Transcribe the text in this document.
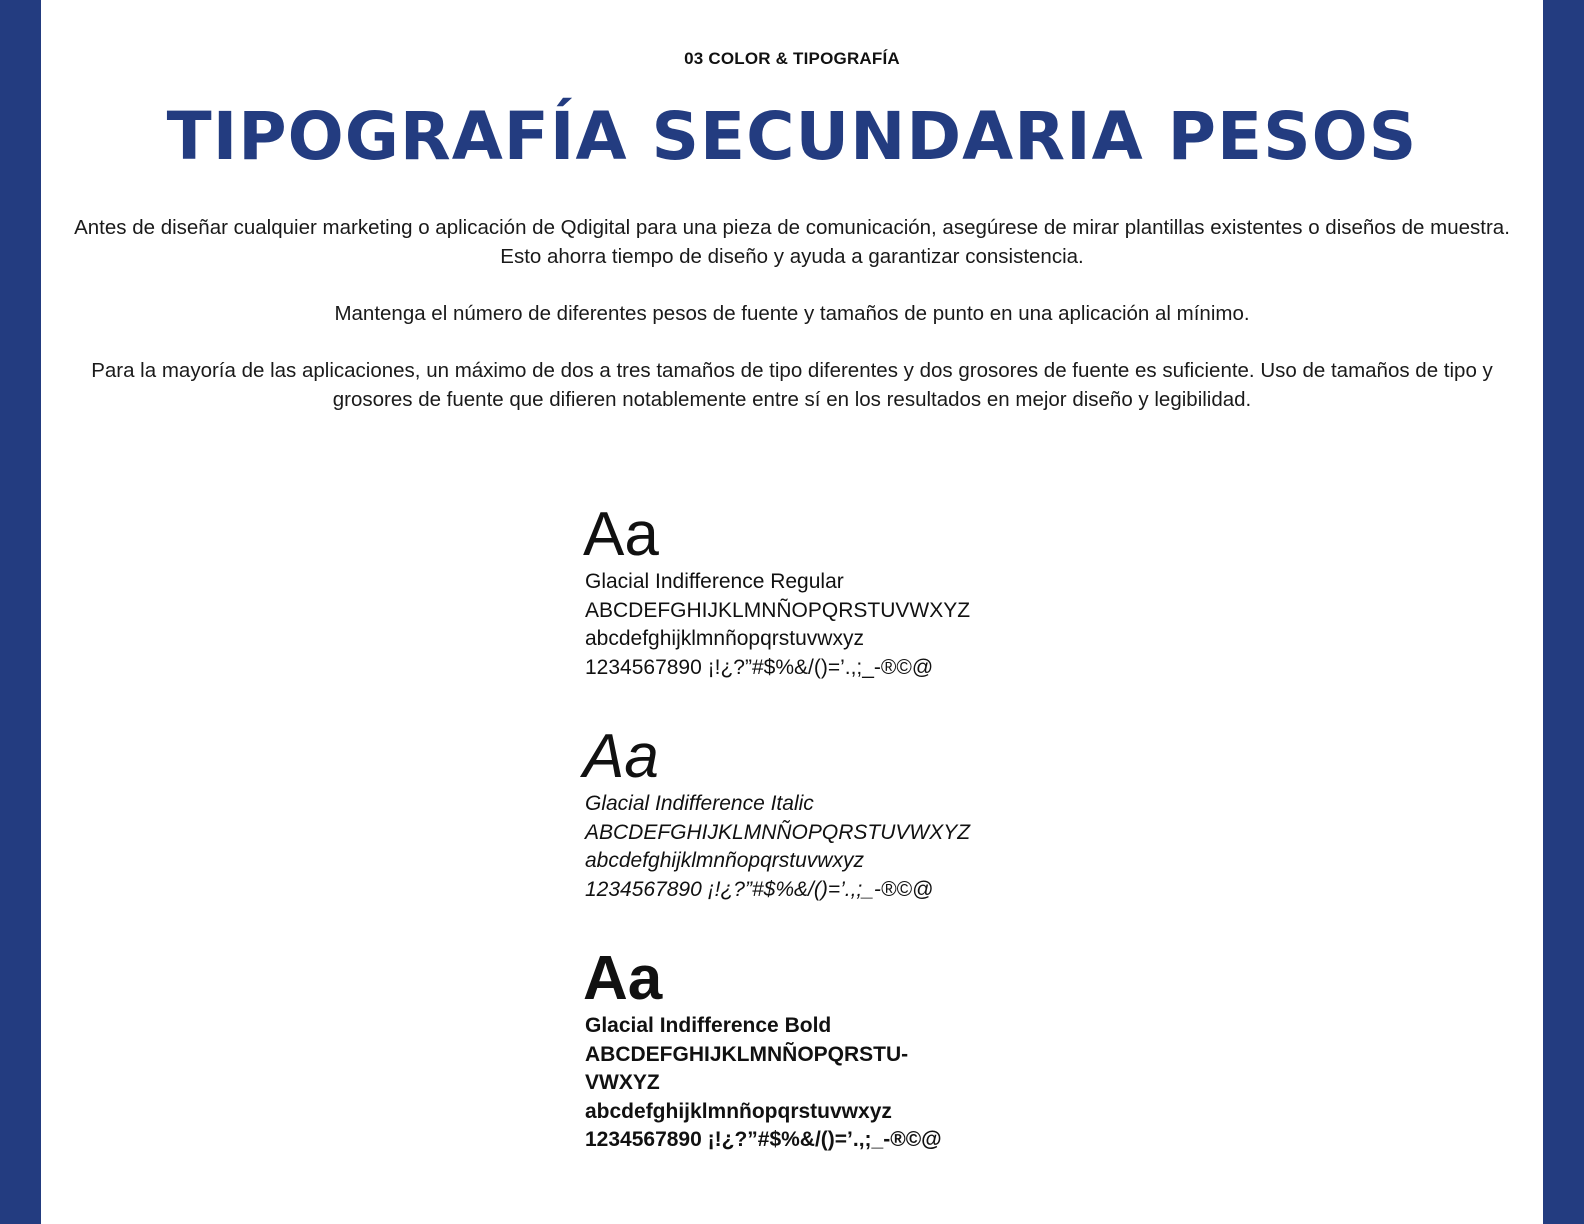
03 COLOR & TIPOGRAFÍA
TIPOGRAFÍA SECUNDARIA PESOS

Antes de diseñar cualquier marketing o aplicación de Qdigital para una pieza de comunicación, asegúrese de mirar plantillas existentes o diseños de muestra. Esto ahorra tiempo de diseño y ayuda a garantizar consistencia.

Mantenga el número de diferentes pesos de fuente y tamaños de punto en una aplicación al mínimo.

Para la mayoría de las aplicaciones, un máximo de dos a tres tamaños de tipo diferentes y dos grosores de fuente es suficiente. Uso de tamaños de tipo y grosores de fuente que difieren notablemente entre sí en los resultados en mejor diseño y legibilidad.

Aa
Glacial Indifference Regular
ABCDEFGHIJKLMNÑOPQRSTUVWXYZ
abcdefghijklmnñopqrstuvwxyz
1234567890 ¡!¿?”#$%&/()=’.,;_-®©@
Aa
Glacial Indifference Italic
ABCDEFGHIJKLMNÑOPQRSTUVWXYZ
abcdefghijklmnñopqrstuvwxyz
1234567890 ¡!¿?”#$%&/()=’.,;_-®©@
Aa
Glacial Indifference Bold
ABCDEFGHIJKLMNÑOPQRSTU- VWXYZ
abcdefghijklmnñopqrstuvwxyz
1234567890 ¡!¿?”#$%&/()=’.,;_-®©@
